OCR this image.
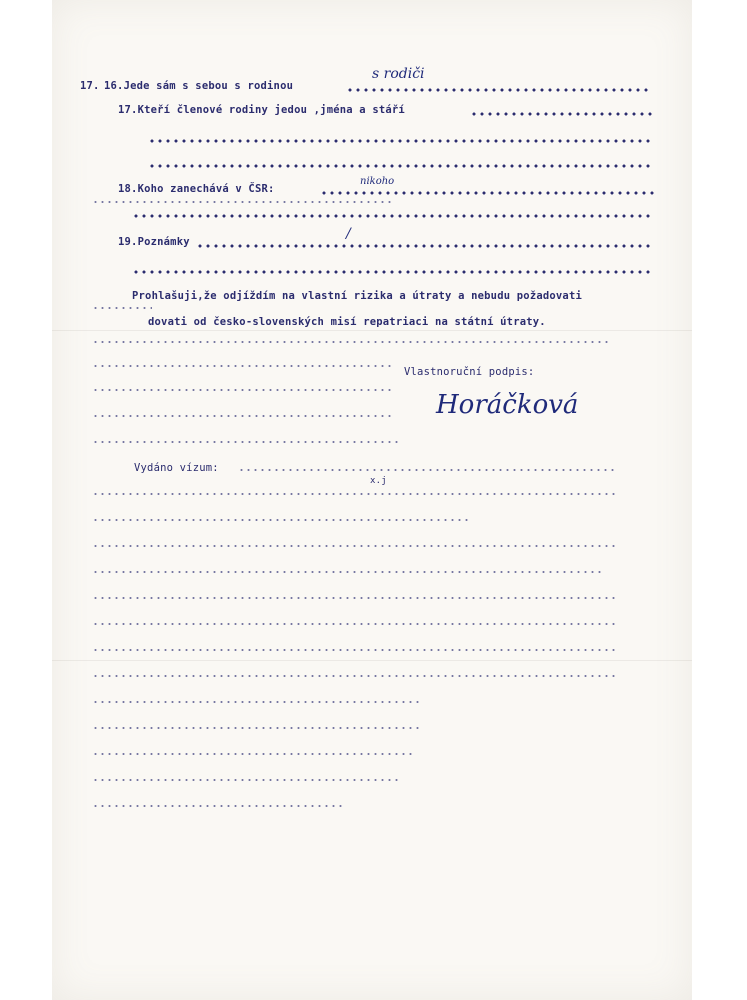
17. 16.Jede sám s sebou s rodinou
s rodiči
17.Kteří členové rodiny jedou ,jména a stáří
18.Koho zanechává v ČSR:
nikoho
19.Poznámky	/
Prohlašuji,že odjíždím na vlastní rizika a útraty a nebudu požadovati
dovati od česko-slovenských misí repatriaci na státní útraty.
Vlastnoruční podpis:
Horáčková
Vydáno vízum:
x.j
